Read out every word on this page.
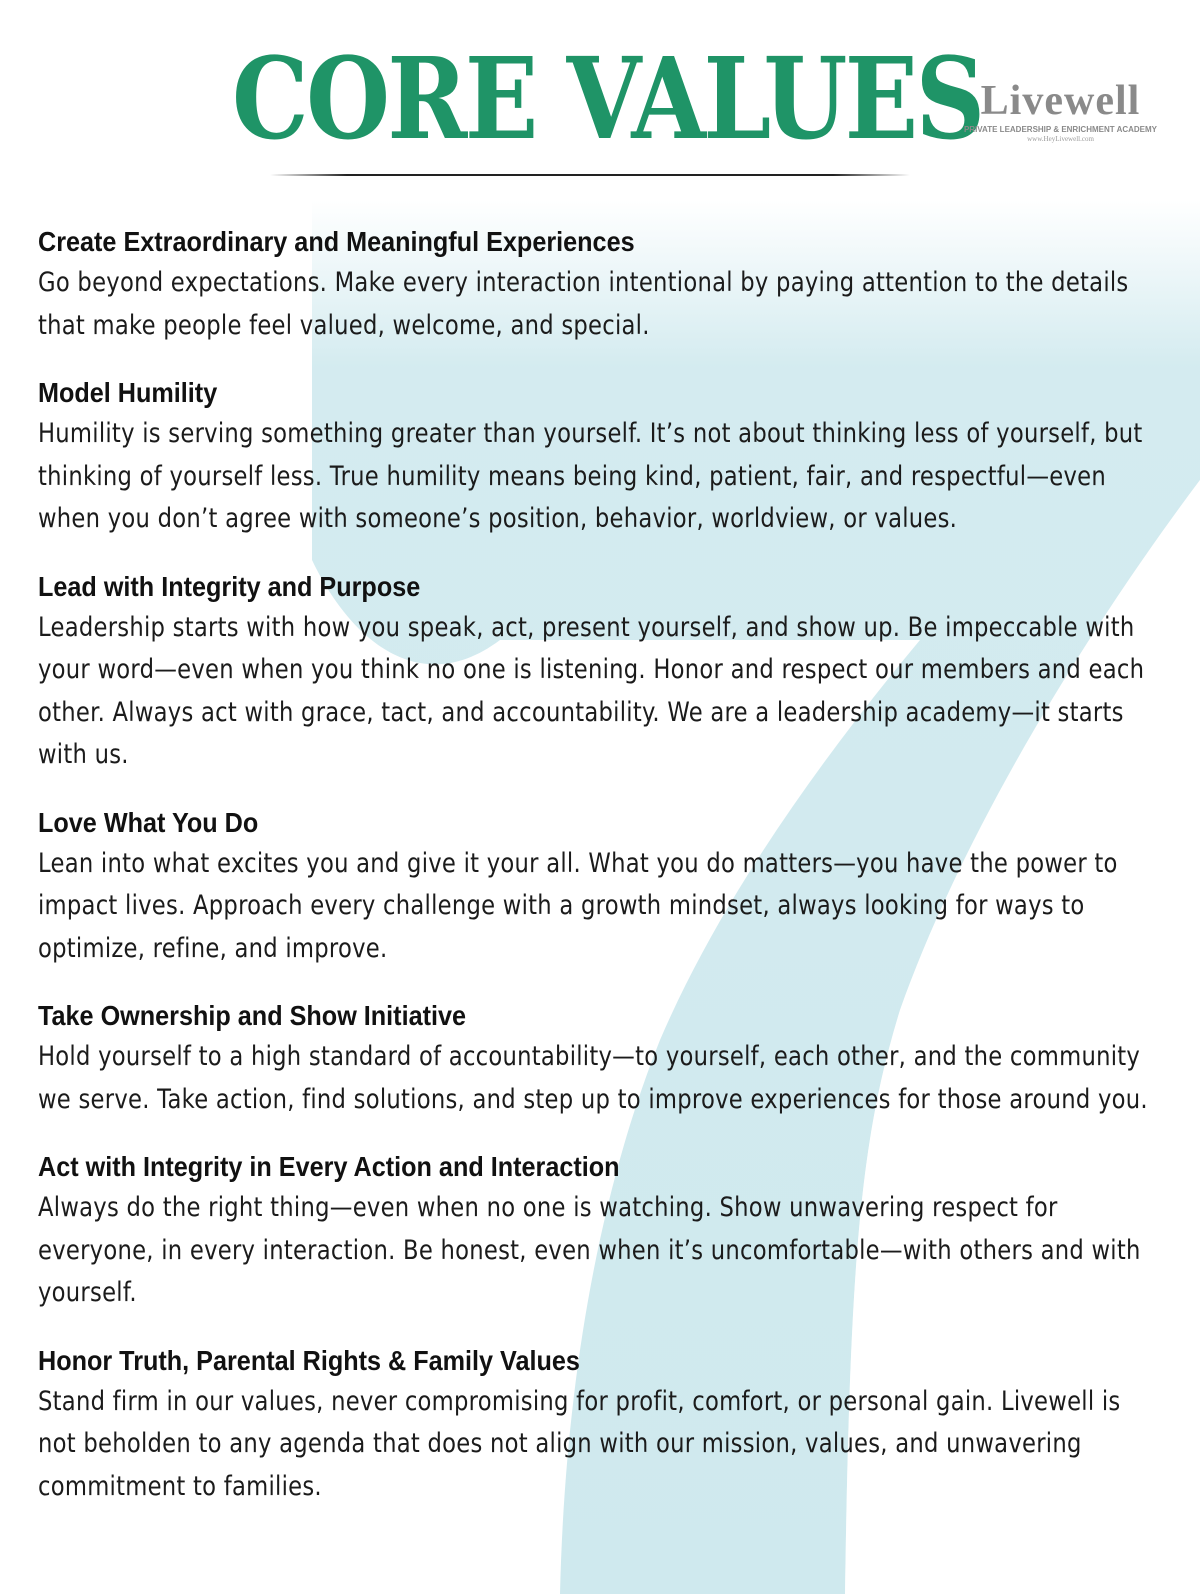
CORE VALUES
Livewell
PRIVATE LEADERSHIP & ENRICHMENT ACADEMY
www.HeyLivewell.com
Create Extraordinary and Meaningful Experiences

Go beyond expectations. Make every interaction intentional by paying attention to the details that make people feel valued, welcome, and special.

Model Humility

Humility is serving something greater than yourself. It’s not about thinking less of yourself, but thinking of yourself less. True humility means being kind, patient, fair, and respectful—even when you don’t agree with someone’s position, behavior, worldview, or values.

Lead with Integrity and Purpose

Leadership starts with how you speak, act, present yourself, and show up. Be impeccable with your word—even when you think no one is listening. Honor and respect our members and each other. Always act with grace, tact, and accountability. We are a leadership academy—it starts with us.

Love What You Do

Lean into what excites you and give it your all. What you do matters—you have the power to impact lives. Approach every challenge with a growth mindset, always looking for ways to optimize, refine, and improve.

Take Ownership and Show Initiative

Hold yourself to a high standard of accountability—to yourself, each other, and the community we serve. Take action, find solutions, and step up to improve experiences for those around you.

Act with Integrity in Every Action and Interaction

Always do the right thing—even when no one is watching. Show unwavering respect for everyone, in every interaction. Be honest, even when it’s uncomfortable—with others and with yourself.

Honor Truth, Parental Rights & Family Values

Stand firm in our values, never compromising for profit, comfort, or personal gain. Livewell is not beholden to any agenda that does not align with our mission, values, and unwavering commitment to families.
